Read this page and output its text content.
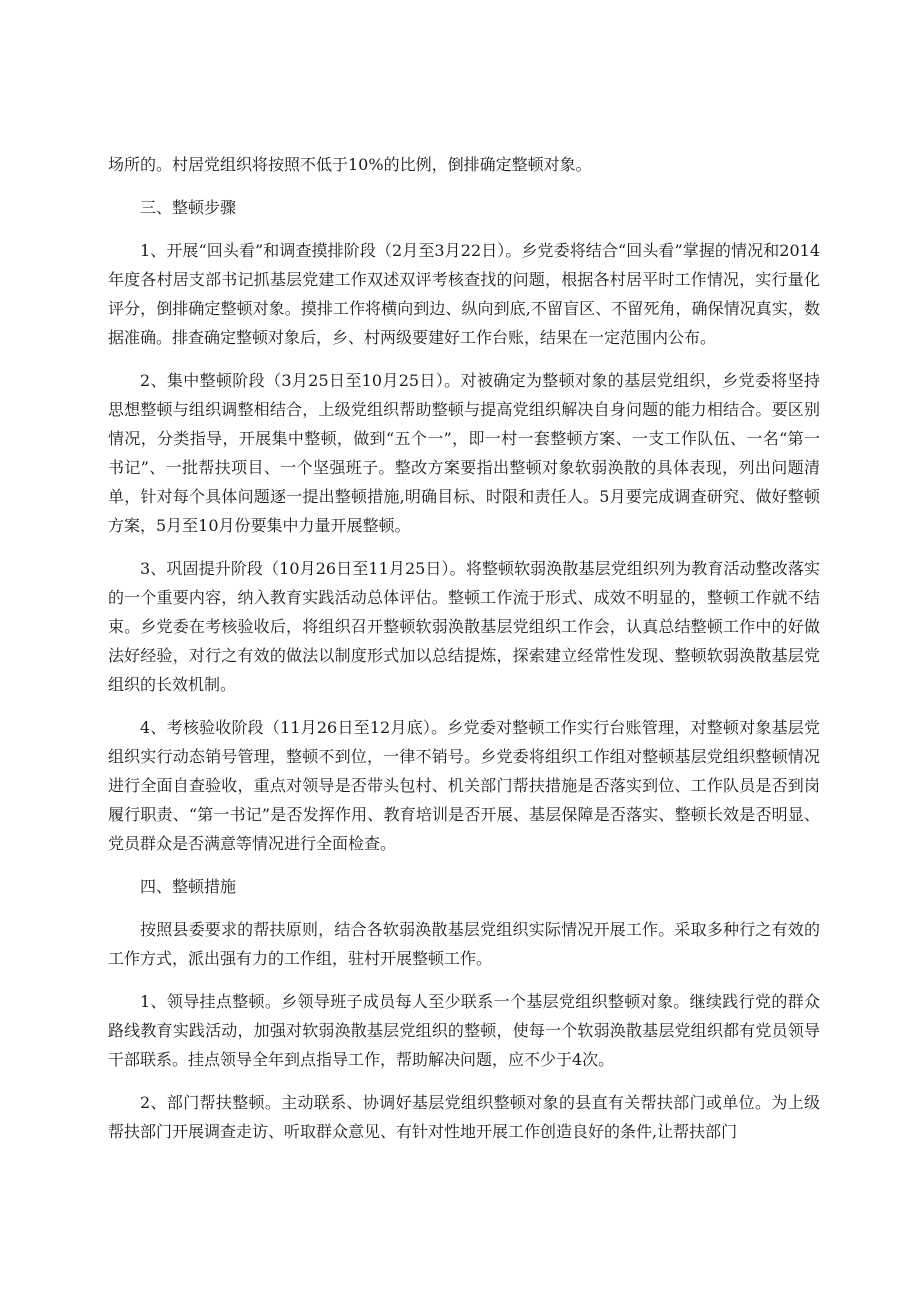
场所的。村居党组织将按照不低于10%的比例，倒排确定整顿对象。

三、整顿步骤

1、开展“回头看”和调查摸排阶段（2月至3月22日）。乡党委将结合“回头看”掌握的情况和2014年度各村居支部书记抓基层党建工作双述双评考核查找的问题，根据各村居平时工作情况，实行量化评分，倒排确定整顿对象。摸排工作将横向到边、纵向到底,不留盲区、不留死角，确保情况真实，数据准确。排查确定整顿对象后，乡、村两级要建好工作台账，结果在一定范围内公布。

2、集中整顿阶段（3月25日至10月25日）。对被确定为整顿对象的基层党组织，乡党委将坚持思想整顿与组织调整相结合，上级党组织帮助整顿与提高党组织解决自身问题的能力相结合。要区别情况，分类指导，开展集中整顿，做到“五个一”，即一村一套整顿方案、一支工作队伍、一名“第一书记”、一批帮扶项目、一个坚强班子。整改方案要指出整顿对象软弱涣散的具体表现，列出问题清单，针对每个具体问题逐一提出整顿措施,明确目标、时限和责任人。5月要完成调查研究、做好整顿方案，5月至10月份要集中力量开展整顿。

3、巩固提升阶段（10月26日至11月25日）。将整顿软弱涣散基层党组织列为教育活动整改落实的一个重要内容，纳入教育实践活动总体评估。整顿工作流于形式、成效不明显的，整顿工作就不结束。乡党委在考核验收后，将组织召开整顿软弱涣散基层党组织工作会，认真总结整顿工作中的好做法好经验，对行之有效的做法以制度形式加以总结提炼，探索建立经常性发现、整顿软弱涣散基层党组织的长效机制。

4、考核验收阶段（11月26日至12月底）。乡党委对整顿工作实行台账管理，对整顿对象基层党组织实行动态销号管理，整顿不到位，一律不销号。乡党委将组织工作组对整顿基层党组织整顿情况进行全面自查验收，重点对领导是否带头包村、机关部门帮扶措施是否落实到位、工作队员是否到岗履行职责、“第一书记”是否发挥作用、教育培训是否开展、基层保障是否落实、整顿长效是否明显、党员群众是否满意等情况进行全面检查。

四、整顿措施

按照县委要求的帮扶原则，结合各软弱涣散基层党组织实际情况开展工作。采取多种行之有效的工作方式，派出强有力的工作组，驻村开展整顿工作。

1、领导挂点整顿。乡领导班子成员每人至少联系一个基层党组织整顿对象。继续践行党的群众路线教育实践活动，加强对软弱涣散基层党组织的整顿，使每一个软弱涣散基层党组织都有党员领导干部联系。挂点领导全年到点指导工作，帮助解决问题，应不少于4次。

2、部门帮扶整顿。主动联系、协调好基层党组织整顿对象的县直有关帮扶部门或单位。为上级帮扶部门开展调查走访、听取群众意见、有针对性地开展工作创造良好的条件,让帮扶部门
